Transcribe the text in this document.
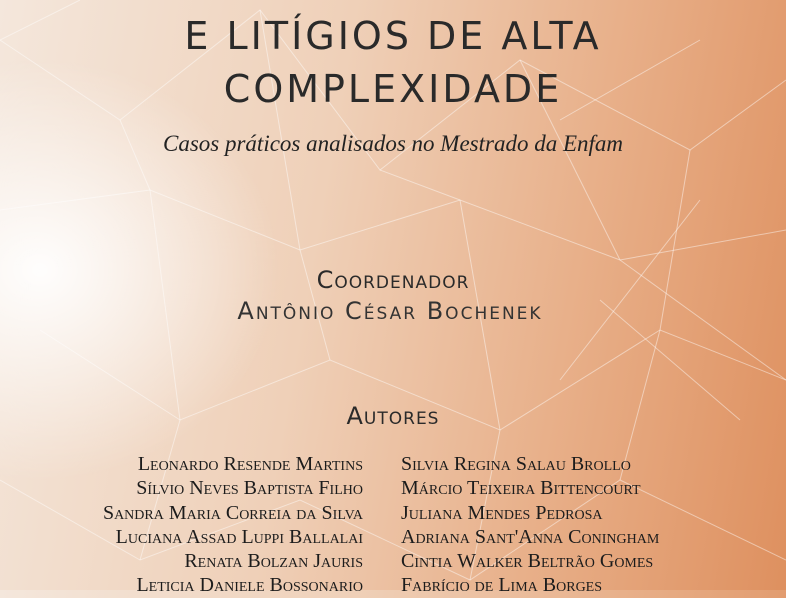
E LITÍGIOS DE ALTA
COMPLEXIDADE
Casos práticos analisados no Mestrado da Enfam
Coordenador
Antônio César Bochenek
Autores
Leonardo Resende Martins
Sílvio Neves Baptista Filho
Sandra Maria Correia da Silva
Luciana Assad Luppi Ballalai
Renata Bolzan Jauris
Leticia Daniele Bossonario
Silvia Regina Salau Brollo
Márcio Teixeira Bittencourt
Juliana Mendes Pedrosa
Adriana Sant'Anna Coningham
Cintia Walker Beltrão Gomes
Fabrício de Lima Borges
